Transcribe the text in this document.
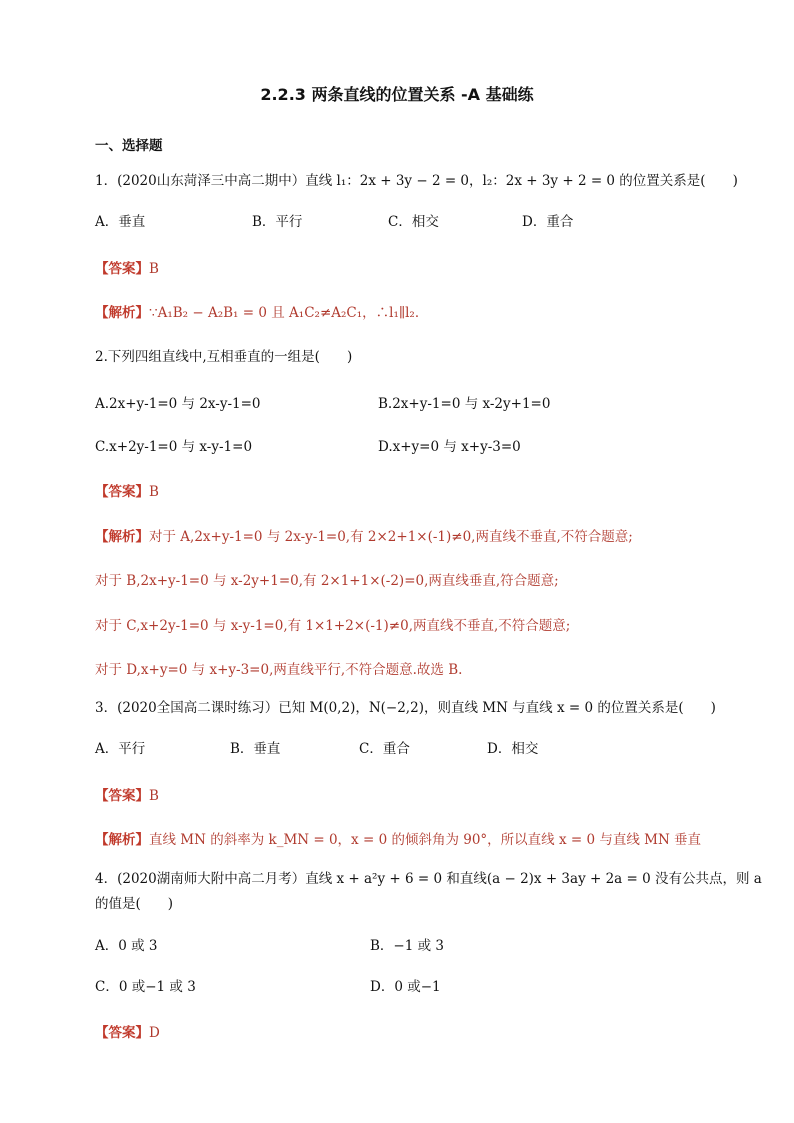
2.2.3 两条直线的位置关系 -A 基础练
一、选择题
1．(2020山东菏泽三中高二期中）直线 l₁：2x + 3y − 2 = 0，l₂：2x + 3y + 2 = 0 的位置关系是(　　)
A．垂直	B．平行	C．相交	D．重合
【答案】B
【解析】∵A₁B₂ − A₂B₁ = 0 且 A₁C₂≠A₂C₁，∴l₁∥l₂．
2.下列四组直线中,互相垂直的一组是(　　)
A.2x+y-1=0 与 2x-y-1=0	B.2x+y-1=0 与 x-2y+1=0
C.x+2y-1=0 与 x-y-1=0	D.x+y=0 与 x+y-3=0
【答案】B
【解析】对于 A,2x+y-1=0 与 2x-y-1=0,有 2×2+1×(-1)≠0,两直线不垂直,不符合题意;
对于 B,2x+y-1=0 与 x-2y+1=0,有 2×1+1×(-2)=0,两直线垂直,符合题意;
对于 C,x+2y-1=0 与 x-y-1=0,有 1×1+2×(-1)≠0,两直线不垂直,不符合题意;
对于 D,x+y=0 与 x+y-3=0,两直线平行,不符合题意.故选 B.
3．(2020全国高二课时练习）已知 M(0,2)，N(−2,2)，则直线 MN 与直线 x = 0 的位置关系是(　　)
A．平行	B．垂直	C．重合	D．相交
【答案】B
【解析】直线 MN 的斜率为 k_MN = 0，x = 0 的倾斜角为 90°，所以直线 x = 0 与直线 MN 垂直
4．(2020湖南师大附中高二月考）直线 x + a²y + 6 = 0 和直线(a − 2)x + 3ay + 2a = 0 没有公共点，则 a
的值是(　　)
A．0 或 3	B．−1 或 3
C．0 或−1 或 3	D．0 或−1
【答案】D
